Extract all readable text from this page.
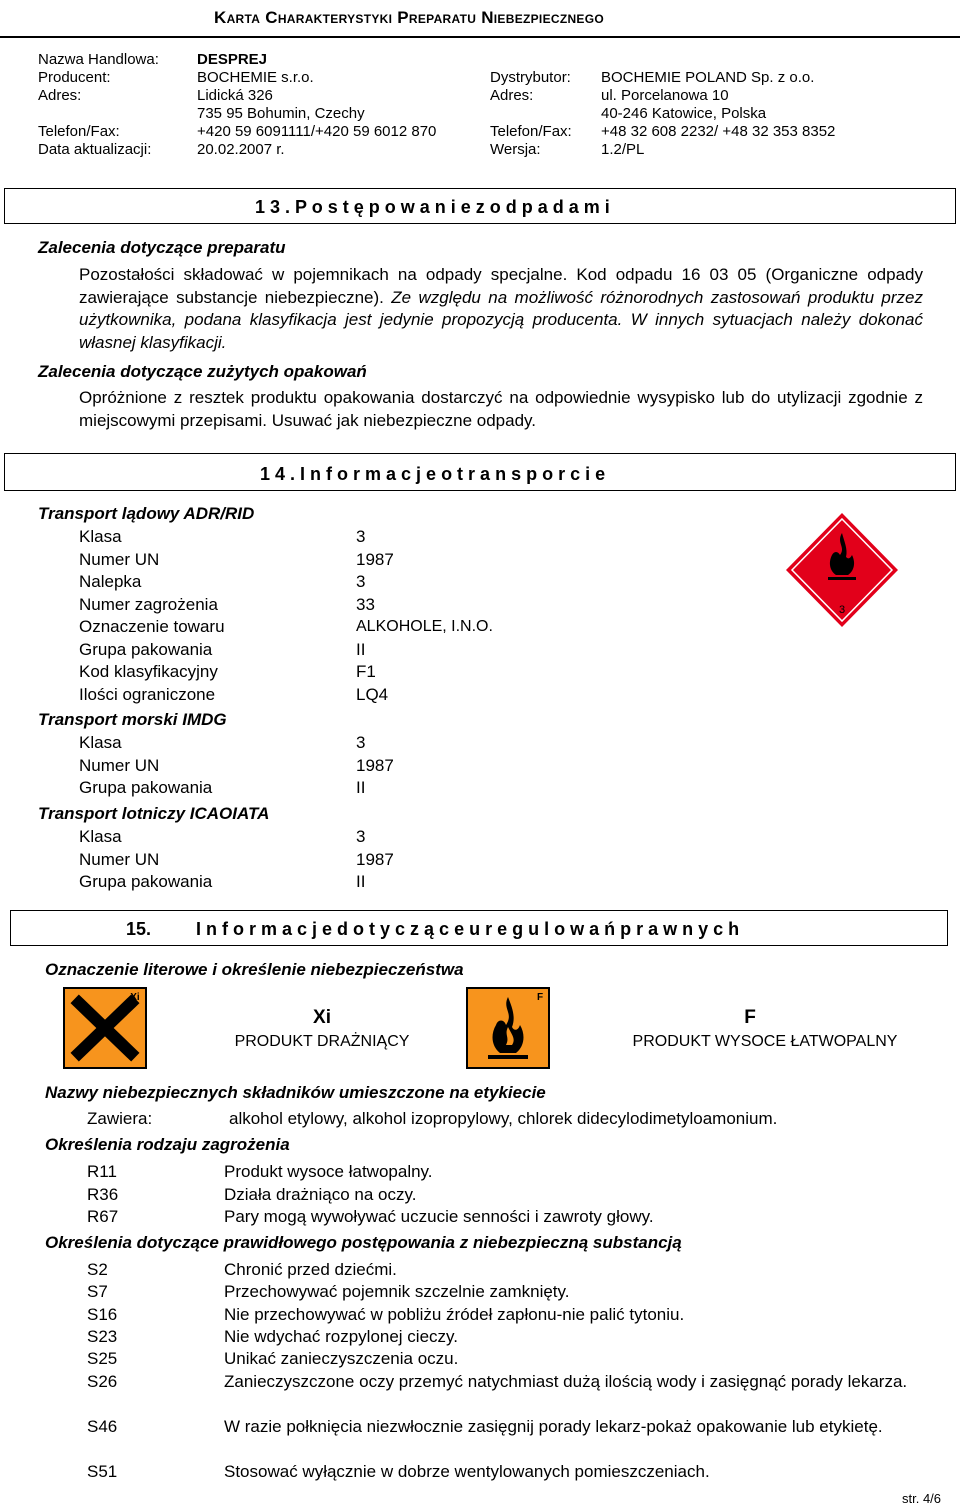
Karta Charakterystyki Preparatu Niebezpiecznego
Nazwa Handlowa:	DESPREJ
Producent:	BOCHEMIE s.r.o.	Dystrybutor: BOCHEMIE POLAND Sp. z o.o.
Adres:	Lidická 326	Adres:	ul. Porcelanowa 10
735 95 Bohumin, Czechy	40-246 Katowice, Polska
Telefon/Fax:	+420 59 6091111/+420 59 6012 870	Telefon/Fax: +48 32 608 2232/ +48 32 353 8352
Data aktualizacji:	20.02.2007 r.	Wersja:	1.2/PL
1 3 . P o s t ę p o w a n i e z o d p a d a m i
Zalecenia dotyczące preparatu

Pozostałości składować w pojemnikach na odpady specjalne. Kod odpadu 16 03 05 (Organiczne odpady zawierające substancje niebezpieczne). Ze względu na możliwość różnorodnych zastosowań produktu przez użytkownika, podana klasyfikacja jest jedynie propozycją producenta. W innych sytuacjach należy dokonać własnej klasyfikacji.

Zalecenia dotyczące zużytych opakowań
Opróżnione z resztek produktu opakowania dostarczyć na odpowiednie wysypisko lub do utylizacji zgodnie z miejscowymi przepisami. Usuwać jak niebezpieczne odpady.
1 4 . I n f o r m a c j e o t r a n s p o r c i e
Transport lądowy ADR/RID
Klasa	3
Numer UN	1987
Nalepka	3
Numer zagrożenia	33
Oznaczenie towaru	ALKOHOLE, I.N.O.
Grupa pakowania	II
Kod klasyfikacyjny	F1
Ilości ograniczone	LQ4
Transport morski IMDG
Klasa	3
Numer UN	1987
Grupa pakowania	II
Transport lotniczy ICAOIATA
Klasa	3
Numer UN	1987
Grupa pakowania	II
3
15. I n f o r m a c j e d o t y c z ą c e u r e g u l o w a ń p r a w n y c h
Oznaczenie literowe i określenie niebezpieczeństwa
Xi
Xi
PRODUKT DRAŻNIĄCY
F
F
PRODUKT WYSOCE ŁATWOPALNY
Nazwy niebezpiecznych składników umieszczone na etykiecie
Zawiera:	alkohol etylowy, alkohol izopropylowy, chlorek didecylodimetyloamonium.
Określenia rodzaju zagrożenia
R11	Produkt wysoce łatwopalny.
R36	Działa drażniąco na oczy.
R67	Pary mogą wywoływać uczucie senności i zawroty głowy.
Określenia dotyczące prawidłowego postępowania z niebezpieczną substancją
S2	Chronić przed dziećmi.
S7	Przechowywać pojemnik szczelnie zamknięty.
S16	Nie przechowywać w pobliżu źródeł zapłonu-nie palić tytoniu.
S23	Nie wdychać rozpylonej cieczy.
S25	Unikać zanieczyszczenia oczu.
S26	Zanieczyszczone oczy przemyć natychmiast dużą ilością wody i zasięgnąć porady lekarza.
S46	W razie połknięcia niezwłocznie zasięgnij porady lekarz-pokaż opakowanie lub etykietę.
S51	Stosować wyłącznie w dobrze wentylowanych pomieszczeniach.
str. 4/6
